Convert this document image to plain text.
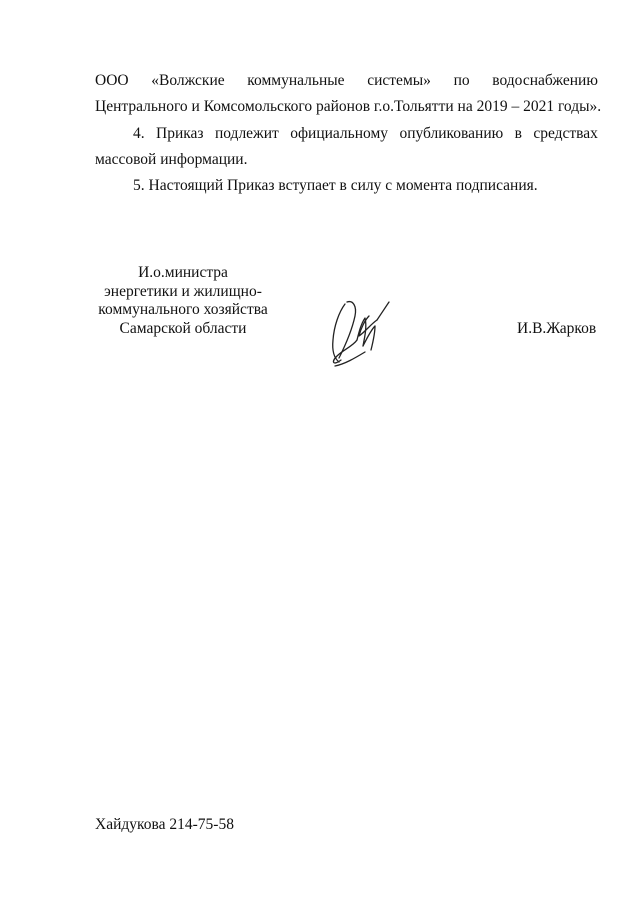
ООО «Волжские коммунальные системы» по водоснабжению
Центрального и Комсомольского районов г.о.Тольятти на 2019 – 2021 годы».
4. Приказ подлежит официальному опубликованию в средствах
массовой информации.
5. Настоящий Приказ вступает в силу с момента подписания.
И.о.министра
энергетики и жилищно-
коммунального хозяйства
Самарской области	И.В.Жарков
Хайдукова 214-75-58
